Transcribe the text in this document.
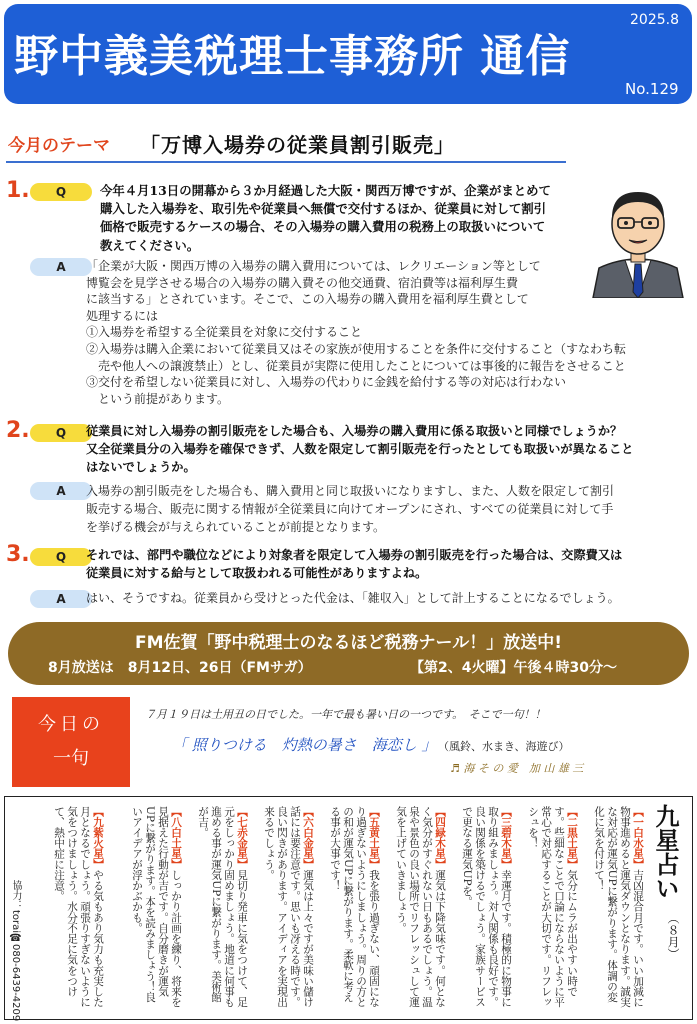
野中義美税理士事務所 通信
2025.8
No.129
今月のテーマ 「万博入場券の従業員割引販売」
1.	Q	今年４月13日の開幕から３か月経過した大阪・関西万博ですが、企業がまとめて
購入した入場券を、取引先や従業員へ無償で交付するほか、従業員に対して割引
価格で販売するケースの場合、その入場券の購入費用の税務上の取扱いについて
教えてください。
A	「企業が大阪・関西万博の入場券の購入費用については、レクリエーション等として
博覧会を見学させる場合の入場券の購入費その他交通費、宿泊費等は福利厚生費
に該当する」とされています。そこで、この入場券の購入費用を福利厚生費として
処理するには
①入場券を希望する全従業員を対象に交付すること
②入場券は購入企業において従業員又はその家族が使用することを条件に交付すること（すなわち転
売や他人への譲渡禁止）とし、従業員が実際に使用したことについては事後的に報告をさせること
③交付を希望しない従業員に対し、入場券の代わりに金銭を給付する等の対応は行わない
という前提があります。
2.	Q	従業員に対し入場券の割引販売をした場合も、入場券の購入費用に係る取扱いと同様でしょうか？
又全従業員分の入場券を確保できず、人数を限定して割引販売を行ったとしても取扱いが異なること
はないでしょうか。
A	入場券の割引販売をした場合も、購入費用と同じ取扱いになりますし、また、人数を限定して割引
販売する場合、販売に関する情報が全従業員に向けてオープンにされ、すべての従業員に対して手
を挙げる機会が与えられていることが前提となります。
3.	Q	それでは、部門や職位などにより対象者を限定して入場券の割引販売を行った場合は、交際費又は
従業員に対する給与として取扱われる可能性がありますよね。
A	はい、そうですね。従業員から受けとった代金は、「雑収入」として計上することになるでしょう。
FM佐賀「野中税理士のなるほど税務ナール！」放送中!
8月放送は　8月12日、26日（FMサガ）	【第2、4火曜】午後４時30分～
今日の
一句
７月１９日は土用丑の日でした。一年で最も暑い日の一つです。　そこで一句！！
「 照りつける　灼熱の暑さ　海恋し 」 （風鈴、水まき、海遊び）
♬ 海 そ の 愛　加 山 雄 三
九星占い
（８月）
【一白水星】吉凶混合月です。いい加減に物事進めると運気ダウンとなります。誠実な対応が運気UPに繋がります。体調の変化に気を付けて！
【二黒土星】気分にムラが出やすい時です。些細なことで口論にならないように平常心で対応することが大切です。リフレッシュを！
【三碧木星】幸運月です。積極的に物事に取り組みましょう。対人関係も良好です。良い関係を築けるでしょう。家族サービスで更なる運気UPを。
【四緑木星】運気は下降気味です。何となく気分がすぐれない日もあるでしょう。温泉や景色の良い場所でリフレッシュして運気を上げていきましょう。
【五黄土星】我を張り過ぎない、頑固になり過ぎないようにしましょう。周りの方との和が運気UPに繋がります。柔軟に考える事が大事です！
【六白金星】運気は上々ですが美味い儲け話には要注意です。思いも冴える時です。良い閃きがあります。アイディアを実現出来るでしょう。
【七赤金星】見切り発車に気をつけて、足元をしっかり固めましょう。地道に何事も進める事が運気UPに繋がります。美術館が吉。
【八白土星】しっかり計画を練り、将来を見据えた行動が吉です。自分磨きが運気UPに繋がります。本を読みましょう！良いアイデアが浮かぶかも。
【九紫火星】やる気もあり気力も充実した月となるでしょう。頑張りすぎないように気をつけましょう。水分不足に気をつけて、熱中症に注意。
協力：torai☎080-6439-4209
